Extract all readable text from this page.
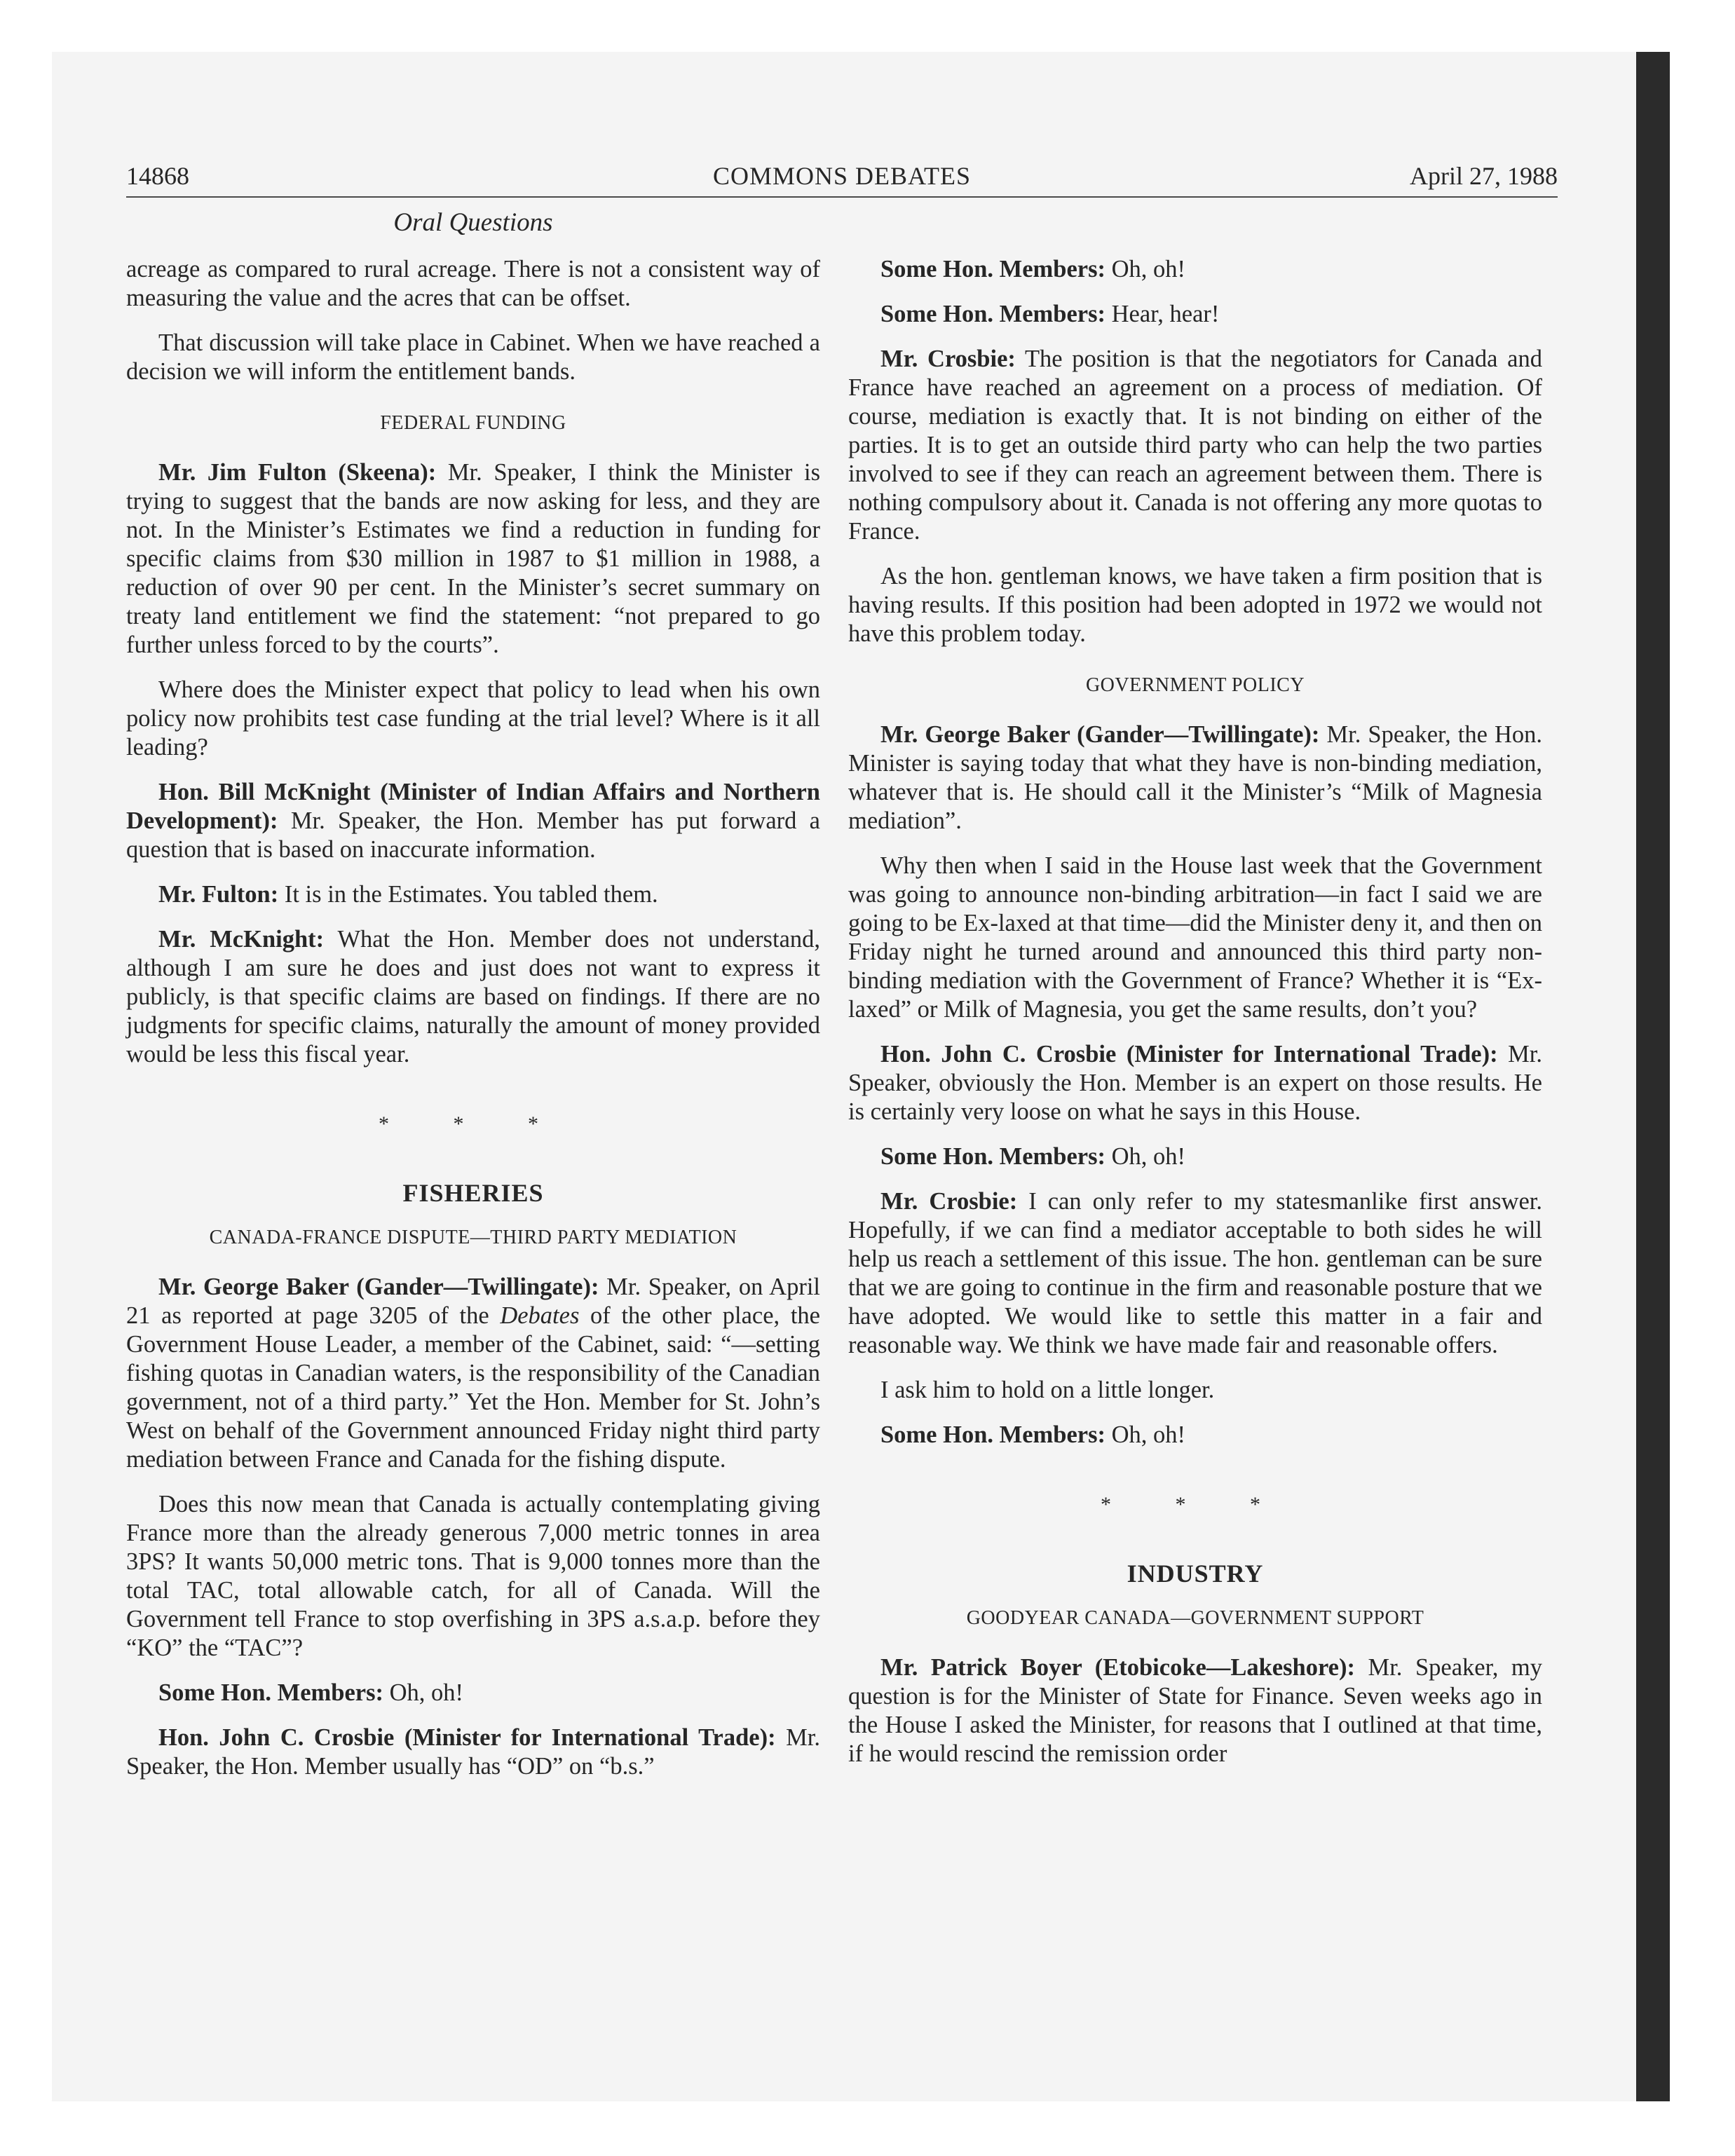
COMMONS DEBATES
14868	April 27, 1988
Oral Questions

acreage as compared to rural acreage. There is not a consistent way of measuring the value and the acres that can be offset.

That discussion will take place in Cabinet. When we have reached a decision we will inform the entitlement bands.

FEDERAL FUNDING

Mr. Jim Fulton (Skeena): Mr. Speaker, I think the Minister is trying to suggest that the bands are now asking for less, and they are not. In the Minister’s Estimates we find a reduction in funding for specific claims from $30 million in 1987 to $1 million in 1988, a reduction of over 90 per cent. In the Minister’s secret summary on treaty land entitlement we find the statement: “not prepared to go further unless forced to by the courts”.

Where does the Minister expect that policy to lead when his own policy now prohibits test case funding at the trial level? Where is it all leading?

Hon. Bill McKnight (Minister of Indian Affairs and Northern Development): Mr. Speaker, the Hon. Member has put forward a question that is based on inaccurate information.

Mr. Fulton: It is in the Estimates. You tabled them.

Mr. McKnight: What the Hon. Member does not understand, although I am sure he does and just does not want to express it publicly, is that specific claims are based on findings. If there are no judgments for specific claims, naturally the amount of money provided would be less this fiscal year.

* * *

FISHERIES

CANADA-FRANCE DISPUTE—THIRD PARTY MEDIATION

Mr. George Baker (Gander—Twillingate): Mr. Speaker, on April 21 as reported at page 3205 of the Debates of the other place, the Government House Leader, a member of the Cabinet, said: “—setting fishing quotas in Canadian waters, is the responsibility of the Canadian government, not of a third party.” Yet the Hon. Member for St. John’s West on behalf of the Government announced Friday night third party mediation between France and Canada for the fishing dispute.

Does this now mean that Canada is actually contemplating giving France more than the already generous 7,000 metric tonnes in area 3PS? It wants 50,000 metric tons. That is 9,000 tonnes more than the total TAC, total allowable catch, for all of Canada. Will the Government tell France to stop overfishing in 3PS a.s.a.p. before they “KO” the “TAC”?

Some Hon. Members: Oh, oh!

Hon. John C. Crosbie (Minister for International Trade): Mr. Speaker, the Hon. Member usually has “OD” on “b.s.”

Some Hon. Members: Oh, oh!

Some Hon. Members: Hear, hear!

Mr. Crosbie: The position is that the negotiators for Canada and France have reached an agreement on a process of mediation. Of course, mediation is exactly that. It is not binding on either of the parties. It is to get an outside third party who can help the two parties involved to see if they can reach an agreement between them. There is nothing compulsory about it. Canada is not offering any more quotas to France.

As the hon. gentleman knows, we have taken a firm position that is having results. If this position had been adopted in 1972 we would not have this problem today.

GOVERNMENT POLICY

Mr. George Baker (Gander—Twillingate): Mr. Speaker, the Hon. Minister is saying today that what they have is non-binding mediation, whatever that is. He should call it the Minister’s “Milk of Magnesia mediation”.

Why then when I said in the House last week that the Government was going to announce non-binding arbitration—in fact I said we are going to be Ex-laxed at that time—did the Minister deny it, and then on Friday night he turned around and announced this third party non-binding mediation with the Government of France? Whether it is “Ex-laxed” or Milk of Magnesia, you get the same results, don’t you?

Hon. John C. Crosbie (Minister for International Trade): Mr. Speaker, obviously the Hon. Member is an expert on those results. He is certainly very loose on what he says in this House.

Some Hon. Members: Oh, oh!

Mr. Crosbie: I can only refer to my statesmanlike first answer. Hopefully, if we can find a mediator acceptable to both sides he will help us reach a settlement of this issue. The hon. gentleman can be sure that we are going to continue in the firm and reasonable posture that we have adopted. We would like to settle this matter in a fair and reasonable way. We think we have made fair and reasonable offers.

I ask him to hold on a little longer.

Some Hon. Members: Oh, oh!

* * *

INDUSTRY

GOODYEAR CANADA—GOVERNMENT SUPPORT

Mr. Patrick Boyer (Etobicoke—Lakeshore): Mr. Speaker, my question is for the Minister of State for Finance. Seven weeks ago in the House I asked the Minister, for reasons that I outlined at that time, if he would rescind the remission order
